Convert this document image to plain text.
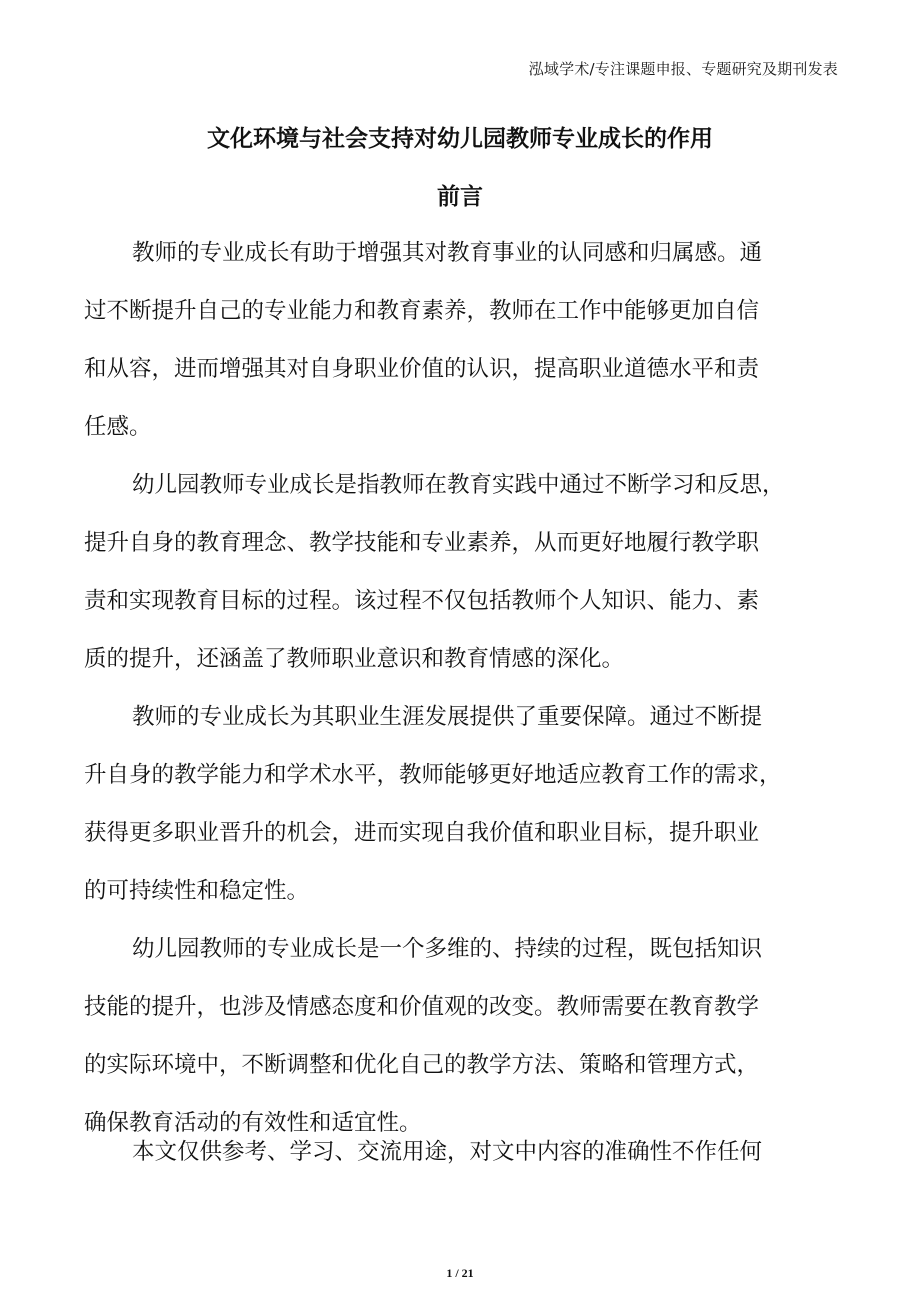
泓域学术/专注课题申报、专题研究及期刊发表
文化环境与社会支持对幼儿园教师专业成长的作用
前言
教师的专业成长有助于增强其对教育事业的认同感和归属感。通
过不断提升自己的专业能力和教育素养，教师在工作中能够更加自信
和从容，进而增强其对自身职业价值的认识，提高职业道德水平和责
任感。
幼儿园教师专业成长是指教师在教育实践中通过不断学习和反思，
提升自身的教育理念、教学技能和专业素养，从而更好地履行教学职
责和实现教育目标的过程。该过程不仅包括教师个人知识、能力、素
质的提升，还涵盖了教师职业意识和教育情感的深化。
教师的专业成长为其职业生涯发展提供了重要保障。通过不断提
升自身的教学能力和学术水平，教师能够更好地适应教育工作的需求，
获得更多职业晋升的机会，进而实现自我价值和职业目标，提升职业
的可持续性和稳定性。
幼儿园教师的专业成长是一个多维的、持续的过程，既包括知识
技能的提升，也涉及情感态度和价值观的改变。教师需要在教育教学
的实际环境中，不断调整和优化自己的教学方法、策略和管理方式，
确保教育活动的有效性和适宜性。
本文仅供参考、学习、交流用途，对文中内容的准确性不作任何
1 / 21
